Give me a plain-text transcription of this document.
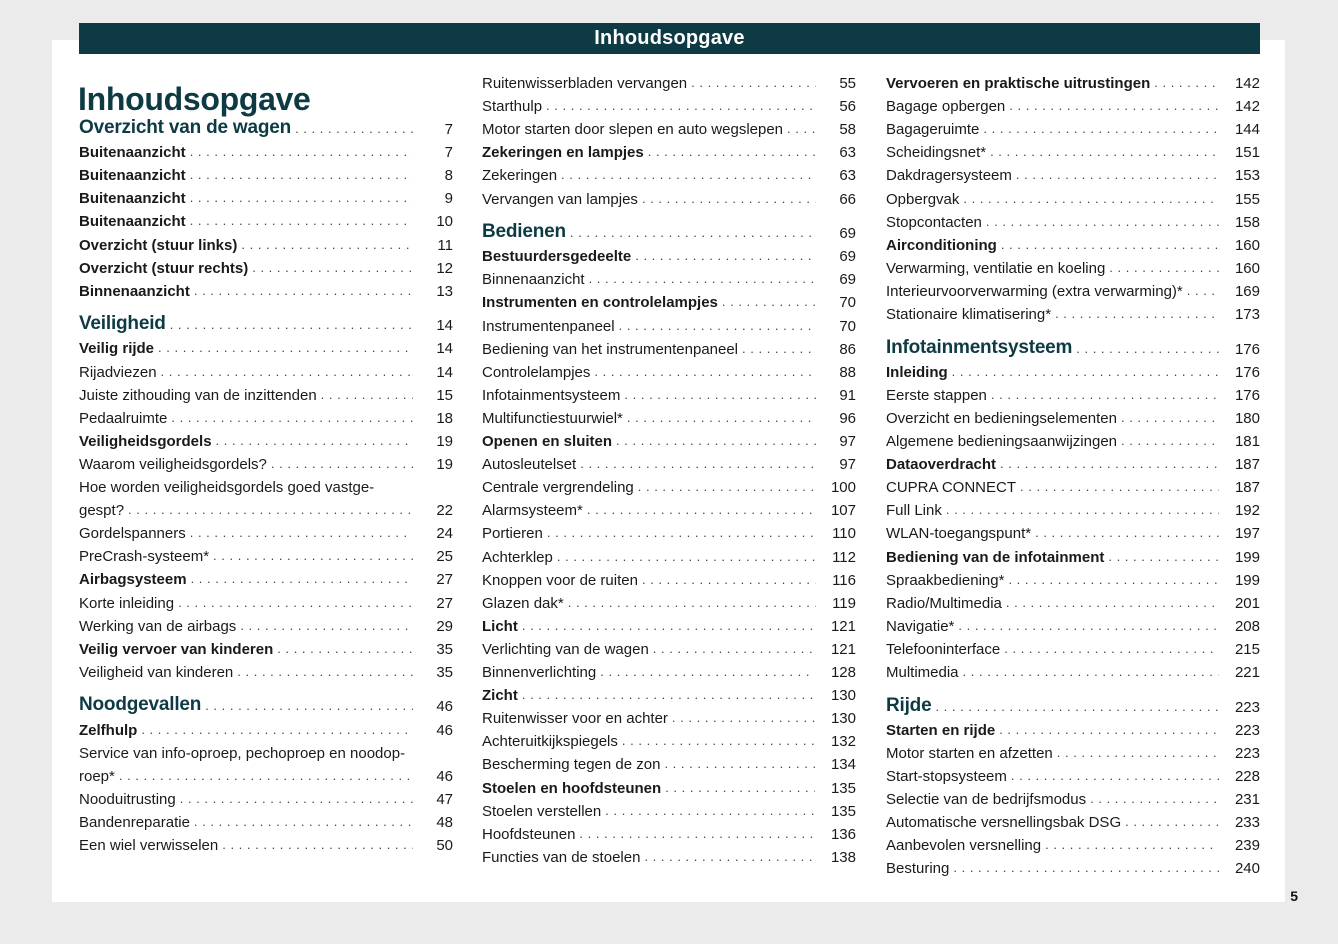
Inhoudsopgave
Inhoudsopgave
Overzicht van de wagen . . .	7
Buitenaanzicht . . .	7
Buitenaanzicht . . .	8
Buitenaanzicht . . .	9
Buitenaanzicht . . .	10
Overzicht (stuur links) . . .	11
Overzicht (stuur rechts) . . .	12
Binnenaanzicht . . .	13
Veiligheid . . .	14
Veilig rijde . . .	14
Rijadviezen . . .	14
Juiste zithouding van de inzittenden . . .	15
Pedaalruimte . . .	18
Veiligheidsgordels . . .	19
Waarom veiligheidsgordels? . . .	19
Hoe worden veiligheidsgordels goed vastge-
gespt? . . .	22
Gordelspanners . . .	24
PreCrash-systeem* . . .	25
Airbagsysteem . . .	27
Korte inleiding . . .	27
Werking van de airbags . . .	29
Veilig vervoer van kinderen . . .	35
Veiligheid van kinderen . . .	35
Noodgevallen . . .	46
Zelfhulp . . .	46
Service van info-oproep, pechoproep en noodop-
roep* . . .	46
Nooduitrusting . . .	47
Bandenreparatie . . .	48
Een wiel verwisselen . . .	50
Ruitenwisserbladen vervangen . . .	55
Starthulp . . .	56
Motor starten door slepen en auto wegslepen . . .	58
Zekeringen en lampjes . . .	63
Zekeringen . . .	63
Vervangen van lampjes . . .	66
Bedienen . . .	69
Bestuurdersgedeelte . . .	69
Binnenaanzicht . . .	69
Instrumenten en controlelampjes . . .	70
Instrumentenpaneel . . .	70
Bediening van het instrumentenpaneel . . .	86
Controlelampjes . . .	88
Infotainmentsysteem . . .	91
Multifunctiestuurwiel* . . .	96
Openen en sluiten . . .	97
Autosleutelset . . .	97
Centrale vergrendeling . . .	100
Alarmsysteem* . . .	107
Portieren . . .	110
Achterklep . . .	112
Knoppen voor de ruiten . . .	116
Glazen dak* . . .	119
Licht . . .	121
Verlichting van de wagen . . .	121
Binnenverlichting . . .	128
Zicht . . .	130
Ruitenwisser voor en achter . . .	130
Achteruitkijkspiegels . . .	132
Bescherming tegen de zon . . .	134
Stoelen en hoofdsteunen . . .	135
Stoelen verstellen . . .	135
Hoofdsteunen . . .	136
Functies van de stoelen . . .	138
Vervoeren en praktische uitrustingen . . .	142
Bagage opbergen . . .	142
Bagageruimte . . .	144
Scheidingsnet* . . .	151
Dakdragersysteem . . .	153
Opbergvak . . .	155
Stopcontacten . . .	158
Airconditioning . . .	160
Verwarming, ventilatie en koeling . . .	160
Interieurvoorverwarming (extra verwarming)* . . .	169
Stationaire klimatisering* . . .	173
Infotainmentsysteem . . .	176
Inleiding . . .	176
Eerste stappen . . .	176
Overzicht en bedieningselementen . . .	180
Algemene bedieningsaanwijzingen . . .	181
Dataoverdracht . . .	187
CUPRA CONNECT . . .	187
Full Link . . .	192
WLAN-toegangspunt* . . .	197
Bediening van de infotainment . . .	199
Spraakbediening* . . .	199
Radio/Multimedia . . .	201
Navigatie* . . .	208
Telefooninterface . . .	215
Multimedia . . .	221
Rijde . . .	223
Starten en rijde . . .	223
Motor starten en afzetten . . .	223
Start-stopsysteem . . .	228
Selectie van de bedrijfsmodus . . .	231
Automatische versnellingsbak DSG . . .	233
Aanbevolen versnelling . . .	239
Besturing . . .	240
5
